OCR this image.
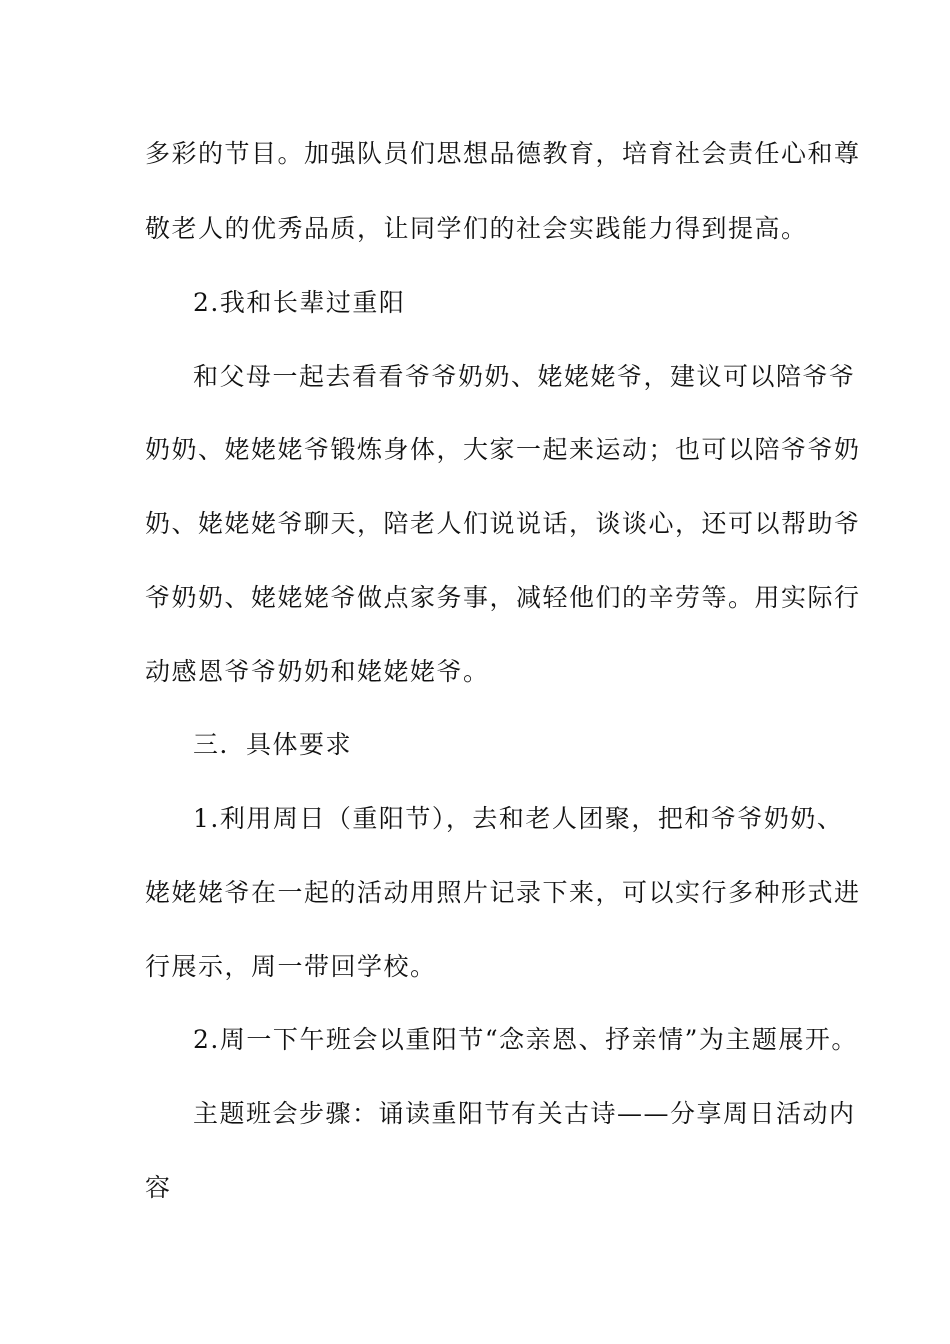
多彩的节目。加强队员们思想品德教育，培育社会责任心和尊
敬老人的优秀品质，让同学们的社会实践能力得到提高。
2.我和长辈过重阳
和父母一起去看看爷爷奶奶、姥姥姥爷，建议可以陪爷爷
奶奶、姥姥姥爷锻炼身体，大家一起来运动；也可以陪爷爷奶
奶、姥姥姥爷聊天，陪老人们说说话，谈谈心，还可以帮助爷
爷奶奶、姥姥姥爷做点家务事，减轻他们的辛劳等。用实际行
动感恩爷爷奶奶和姥姥姥爷。
三．具体要求
1.利用周日（重阳节），去和老人团聚，把和爷爷奶奶、
姥姥姥爷在一起的活动用照片记录下来，可以实行多种形式进
行展示，周一带回学校。
2.周一下午班会以重阳节“念亲恩、抒亲情”为主题展开。
主题班会步骤：诵读重阳节有关古诗——分享周日活动内
容
